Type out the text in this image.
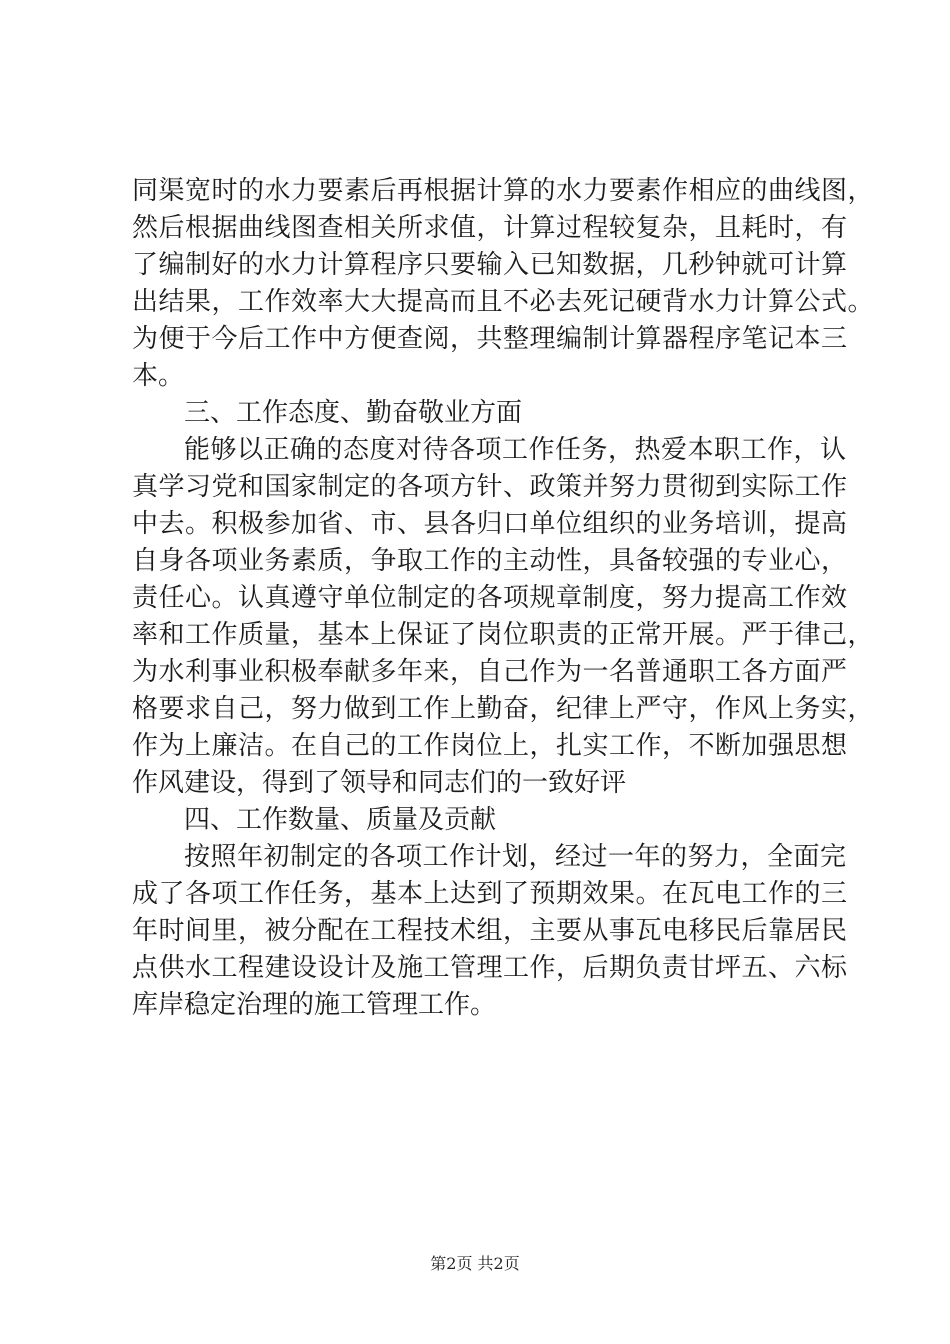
同渠宽时的水力要素后再根据计算的水力要素作相应的曲线图，
然后根据曲线图查相关所求值，计算过程较复杂，且耗时，有
了编制好的水力计算程序只要输入已知数据，几秒钟就可计算
出结果，工作效率大大提高而且不必去死记硬背水力计算公式。
为便于今后工作中方便查阅，共整理编制计算器程序笔记本三
本。
三、工作态度、勤奋敬业方面
能够以正确的态度对待各项工作任务，热爱本职工作，认
真学习党和国家制定的各项方针、政策并努力贯彻到实际工作
中去。积极参加省、市、县各归口单位组织的业务培训，提高
自身各项业务素质，争取工作的主动性，具备较强的专业心，
责任心。认真遵守单位制定的各项规章制度，努力提高工作效
率和工作质量，基本上保证了岗位职责的正常开展。严于律己，
为水利事业积极奉献多年来，自己作为一名普通职工各方面严
格要求自己，努力做到工作上勤奋，纪律上严守，作风上务实，
作为上廉洁。在自己的工作岗位上，扎实工作，不断加强思想
作风建设，得到了领导和同志们的一致好评
四、工作数量、质量及贡献
按照年初制定的各项工作计划，经过一年的努力，全面完
成了各项工作任务，基本上达到了预期效果。在瓦电工作的三
年时间里，被分配在工程技术组，主要从事瓦电移民后靠居民
点供水工程建设设计及施工管理工作，后期负责甘坪五、六标
库岸稳定治理的施工管理工作。
第2页 共2页
